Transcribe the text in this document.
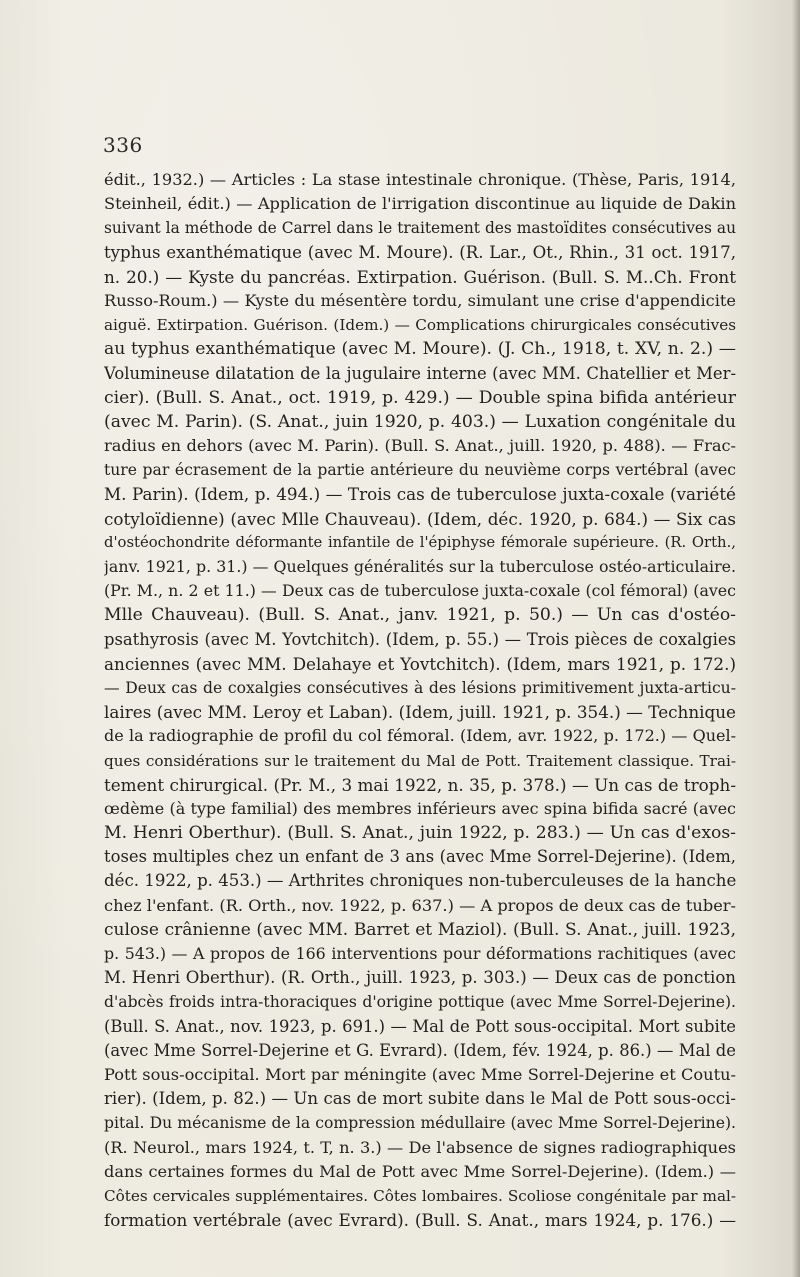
336
édit., 1932.) — Articles : La stase intestinale chronique. (Thèse, Paris, 1914,
Steinheil, édit.) — Application de l'irrigation discontinue au liquide de Dakin
suivant la méthode de Carrel dans le traitement des mastoïdites consécutives au
typhus exanthématique (avec M. Moure). (R. Lar., Ot., Rhin., 31 oct. 1917,
n. 20.) — Kyste du pancréas. Extirpation. Guérison. (Bull. S. M..Ch. Front
Russo-Roum.) — Kyste du mésentère tordu, simulant une crise d'appendicite
aiguë. Extirpation. Guérison. (Idem.) — Complications chirurgicales consécutives
au typhus exanthématique (avec M. Moure). (J. Ch., 1918, t. XV, n. 2.) —
Volumineuse dilatation de la jugulaire interne (avec MM. Chatellier et Mer-
cier). (Bull. S. Anat., oct. 1919, p. 429.) — Double spina bifida antérieur
(avec M. Parin). (S. Anat., juin 1920, p. 403.) — Luxation congénitale du
radius en dehors (avec M. Parin). (Bull. S. Anat., juill. 1920, p. 488). — Frac-
ture par écrasement de la partie antérieure du neuvième corps vertébral (avec
M. Parin). (Idem, p. 494.) — Trois cas de tuberculose juxta-coxale (variété
cotyloïdienne) (avec Mlle Chauveau). (Idem, déc. 1920, p. 684.) — Six cas
d'ostéochondrite déformante infantile de l'épiphyse fémorale supérieure. (R. Orth.,
janv. 1921, p. 31.) — Quelques généralités sur la tuberculose ostéo-articulaire.
(Pr. M., n. 2 et 11.) — Deux cas de tuberculose juxta-coxale (col fémoral) (avec
Mlle Chauveau). (Bull. S. Anat., janv. 1921, p. 50.) — Un cas d'ostéo-
psathyrosis (avec M. Yovtchitch). (Idem, p. 55.) — Trois pièces de coxalgies
anciennes (avec MM. Delahaye et Yovtchitch). (Idem, mars 1921, p. 172.)
— Deux cas de coxalgies consécutives à des lésions primitivement juxta-articu-
laires (avec MM. Leroy et Laban). (Idem, juill. 1921, p. 354.) — Technique
de la radiographie de profil du col fémoral. (Idem, avr. 1922, p. 172.) — Quel-
ques considérations sur le traitement du Mal de Pott. Traitement classique. Trai-
tement chirurgical. (Pr. M., 3 mai 1922, n. 35, p. 378.) — Un cas de troph-
œdème (à type familial) des membres inférieurs avec spina bifida sacré (avec
M. Henri Oberthur). (Bull. S. Anat., juin 1922, p. 283.) — Un cas d'exos-
toses multiples chez un enfant de 3 ans (avec Mme Sorrel-Dejerine). (Idem,
déc. 1922, p. 453.) — Arthrites chroniques non-tuberculeuses de la hanche
chez l'enfant. (R. Orth., nov. 1922, p. 637.) — A propos de deux cas de tuber-
culose crânienne (avec MM. Barret et Maziol). (Bull. S. Anat., juill. 1923,
p. 543.) — A propos de 166 interventions pour déformations rachitiques (avec
M. Henri Oberthur). (R. Orth., juill. 1923, p. 303.) — Deux cas de ponction
d'abcès froids intra-thoraciques d'origine pottique (avec Mme Sorrel-Dejerine).
(Bull. S. Anat., nov. 1923, p. 691.) — Mal de Pott sous-occipital. Mort subite
(avec Mme Sorrel-Dejerine et G. Evrard). (Idem, fév. 1924, p. 86.) — Mal de
Pott sous-occipital. Mort par méningite (avec Mme Sorrel-Dejerine et Coutu-
rier). (Idem, p. 82.) — Un cas de mort subite dans le Mal de Pott sous-occi-
pital. Du mécanisme de la compression médullaire (avec Mme Sorrel-Dejerine).
(R. Neurol., mars 1924, t. T, n. 3.) — De l'absence de signes radiographiques
dans certaines formes du Mal de Pott avec Mme Sorrel-Dejerine). (Idem.) —
Côtes cervicales supplémentaires. Côtes lombaires. Scoliose congénitale par mal-
formation vertébrale (avec Evrard). (Bull. S. Anat., mars 1924, p. 176.) —
